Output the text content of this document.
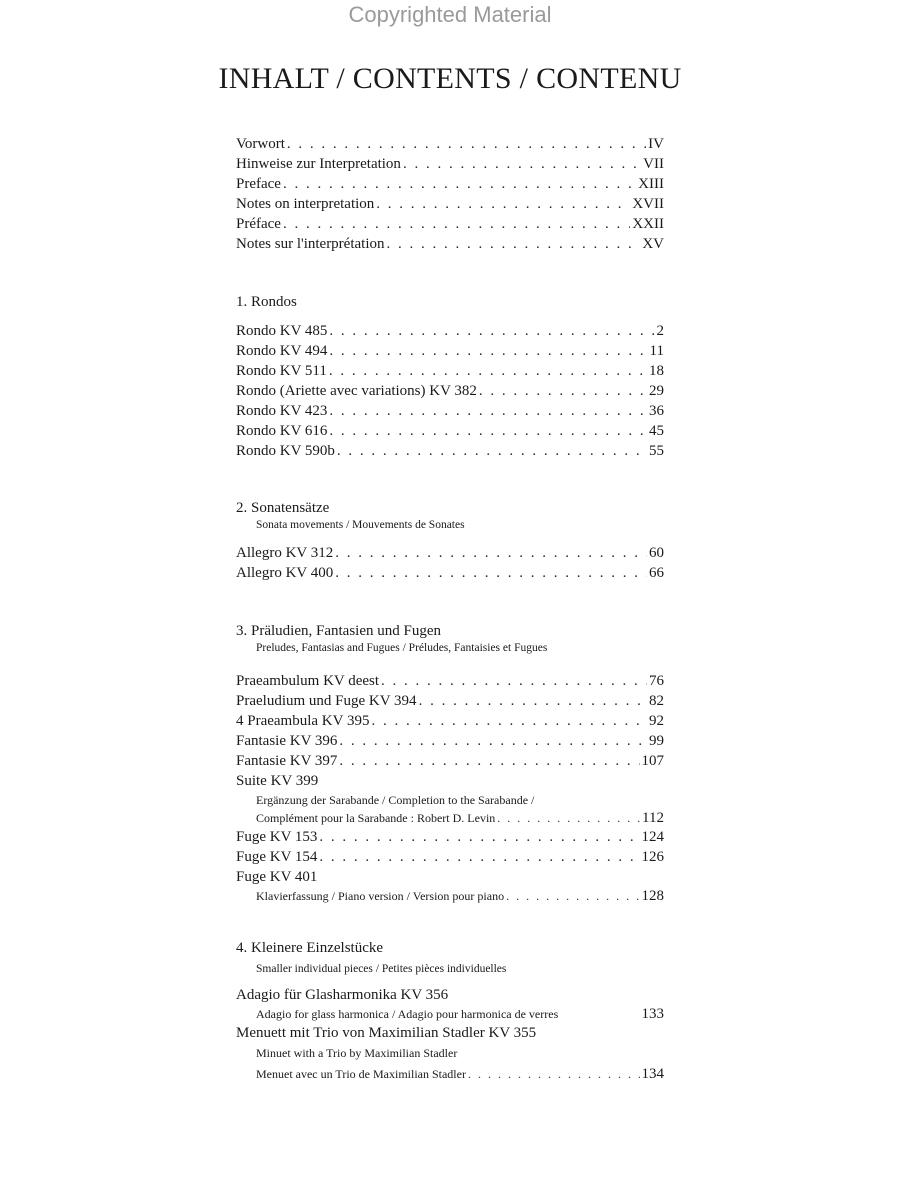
Copyrighted Material
INHALT / CONTENTS / CONTENU
Vorwort . . .	IV
Hinweise zur Interpretation . . .	VII
Preface . . .	XIII
Notes on interpretation . . .	XVII
Préface . . .	XXII
Notes sur l'interprétation . . .	XV
1. Rondos
Rondo KV 485 . . .	2
Rondo KV 494 . . .	11
Rondo KV 511 . . .	18
Rondo (Ariette avec variations) KV 382 . . .	29
Rondo KV 423 . . .	36
Rondo KV 616 . . .	45
Rondo KV 590b . . .	55
2. Sonatensätze
Sonata movements / Mouvements de Sonates
Allegro KV 312 . . .	60
Allegro KV 400 . . .	66
3. Präludien, Fantasien und Fugen
Preludes, Fantasias and Fugues / Préludes, Fantaisies et Fugues
Praeambulum KV deest . . .	76
Praeludium und Fuge KV 394 . . .	82
4 Praeambula KV 395 . . .	92
Fantasie KV 396 . . .	99
Fantasie KV 397 . . .	107
Suite KV 399
Ergänzung der Sarabande / Completion to the Sarabande /
Complément pour la Sarabande : Robert D. Levin . . .	112
Fuge KV 153 . . .	124
Fuge KV 154 . . .	126
Fuge KV 401
Klavierfassung / Piano version / Version pour piano . . .	128
4. Kleinere Einzelstücke
Smaller individual pieces / Petites pièces individuelles
Adagio für Glasharmonika KV 356
Adagio for glass harmonica / Adagio pour harmonica de verres	133
Menuett mit Trio von Maximilian Stadler KV 355
Minuet with a Trio by Maximilian Stadler
Menuet avec un Trio de Maximilian Stadler . . .	134
